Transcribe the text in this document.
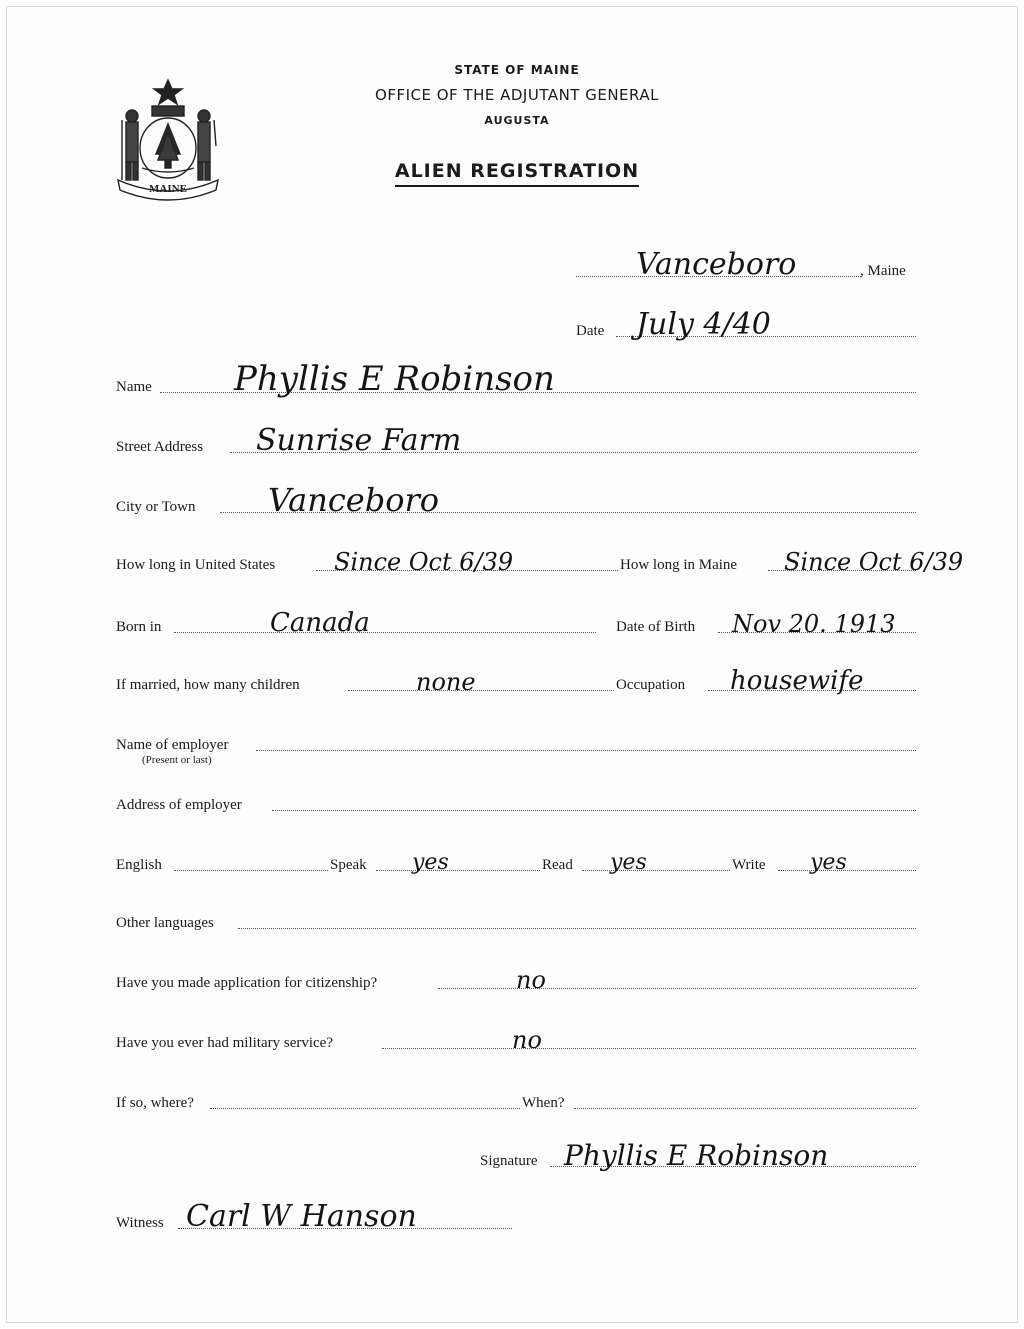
MAINE
STATE OF MAINE
OFFICE OF THE ADJUTANT GENERAL
AUGUSTA
ALIEN REGISTRATION
, Maine
Vanceboro
Date July 4/40
Name Phyllis E Robinson
Street Address Sunrise Farm
City or Town Vanceboro
How long in United States Since Oct 6/39	How long in Maine Since Oct 6/39
Born in	Canada	Date of Birth Nov 20. 1913
If married, how many children	none	Occupation housewife
Name of employer
(Present or last)
Address of employer
English	Speak yes	Read yes	Write yes
Other languages
Have you made application for citizenship?	no
Have you ever had military service?	no
If so, where?	When?
Signature Phyllis E Robinson
Witness Carl W Hanson
